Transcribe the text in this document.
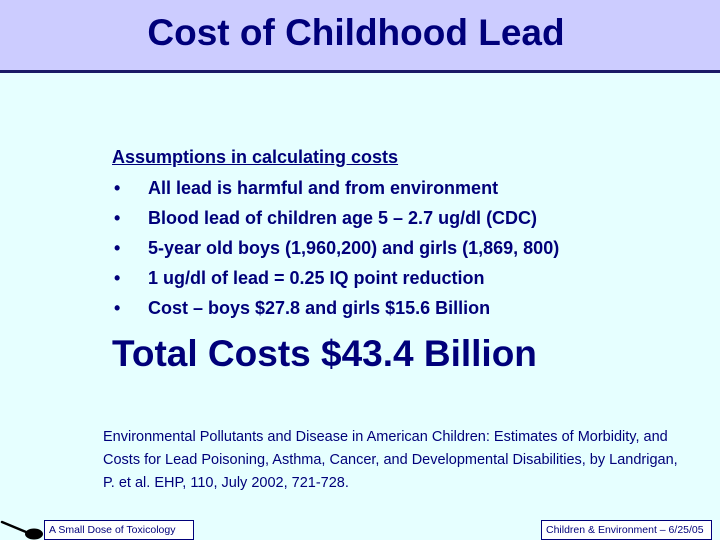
Cost of Childhood Lead
Assumptions in calculating costs
• All lead is harmful and from environment
• Blood lead of children age 5 – 2.7 ug/dl (CDC)
• 5-year old boys (1,960,200) and girls (1,869, 800)
• 1 ug/dl of lead = 0.25 IQ point reduction
• Cost – boys $27.8 and girls $15.6 Billion
Total Costs $43.4 Billion
Environmental Pollutants and Disease in American Children: Estimates of Morbidity, and Costs for Lead Poisoning, Asthma, Cancer, and Developmental Disabilities, by Landrigan, P. et al. EHP, 110, July 2002, 721-728.
A Small Dose of Toxicology	Children & Environment – 6/25/05
